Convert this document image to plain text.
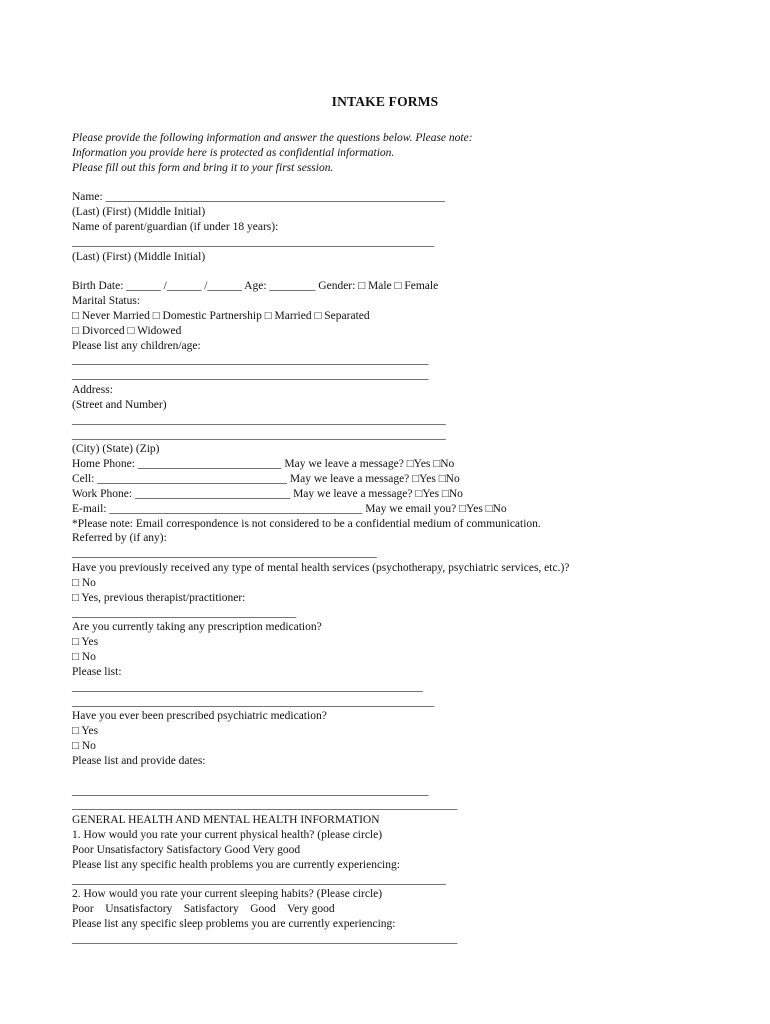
INTAKE FORMS
Please provide the following information and answer the questions below. Please note:
Information you provide here is protected as confidential information.
Please fill out this form and bring it to your first session.
Name: ___________________________________________________________
(Last) (First) (Middle Initial)
Name of parent/guardian (if under 18 years):
_______________________________________________________________
(Last) (First) (Middle Initial)
Birth Date: ______ /______ /______ Age: ________ Gender: □ Male □ Female
Marital Status:
□ Never Married □ Domestic Partnership □ Married □ Separated
□ Divorced □ Widowed
Please list any children/age:
______________________________________________________________
______________________________________________________________
Address:
(Street and Number)
_________________________________________________________________
_________________________________________________________________
(City) (State) (Zip)
Home Phone: _________________________ May we leave a message? □Yes □No
Cell: _________________________________ May we leave a message? □Yes □No
Work Phone: ___________________________ May we leave a message? □Yes □No
E-mail: ____________________________________________ May we email you? □Yes □No
*Please note: Email correspondence is not considered to be a confidential medium of communication.
Referred by (if any):
_____________________________________________________
Have you previously received any type of mental health services (psychotherapy, psychiatric services, etc.)?
□ No
□ Yes, previous therapist/practitioner:
_______________________________________
Are you currently taking any prescription medication?
□ Yes
□ No
Please list:
_____________________________________________________________
_______________________________________________________________
Have you ever been prescribed psychiatric medication?
□ Yes
□ No
Please list and provide dates:
______________________________________________________________
___________________________________________________________________
GENERAL HEALTH AND MENTAL HEALTH INFORMATION
1. How would you rate your current physical health? (please circle)
Poor Unsatisfactory Satisfactory Good Very good
Please list any specific health problems you are currently experiencing:
_________________________________________________________________
2. How would you rate your current sleeping habits? (Please circle)
Poor    Unsatisfactory    Satisfactory    Good    Very good
Please list any specific sleep problems you are currently experiencing:
___________________________________________________________________
